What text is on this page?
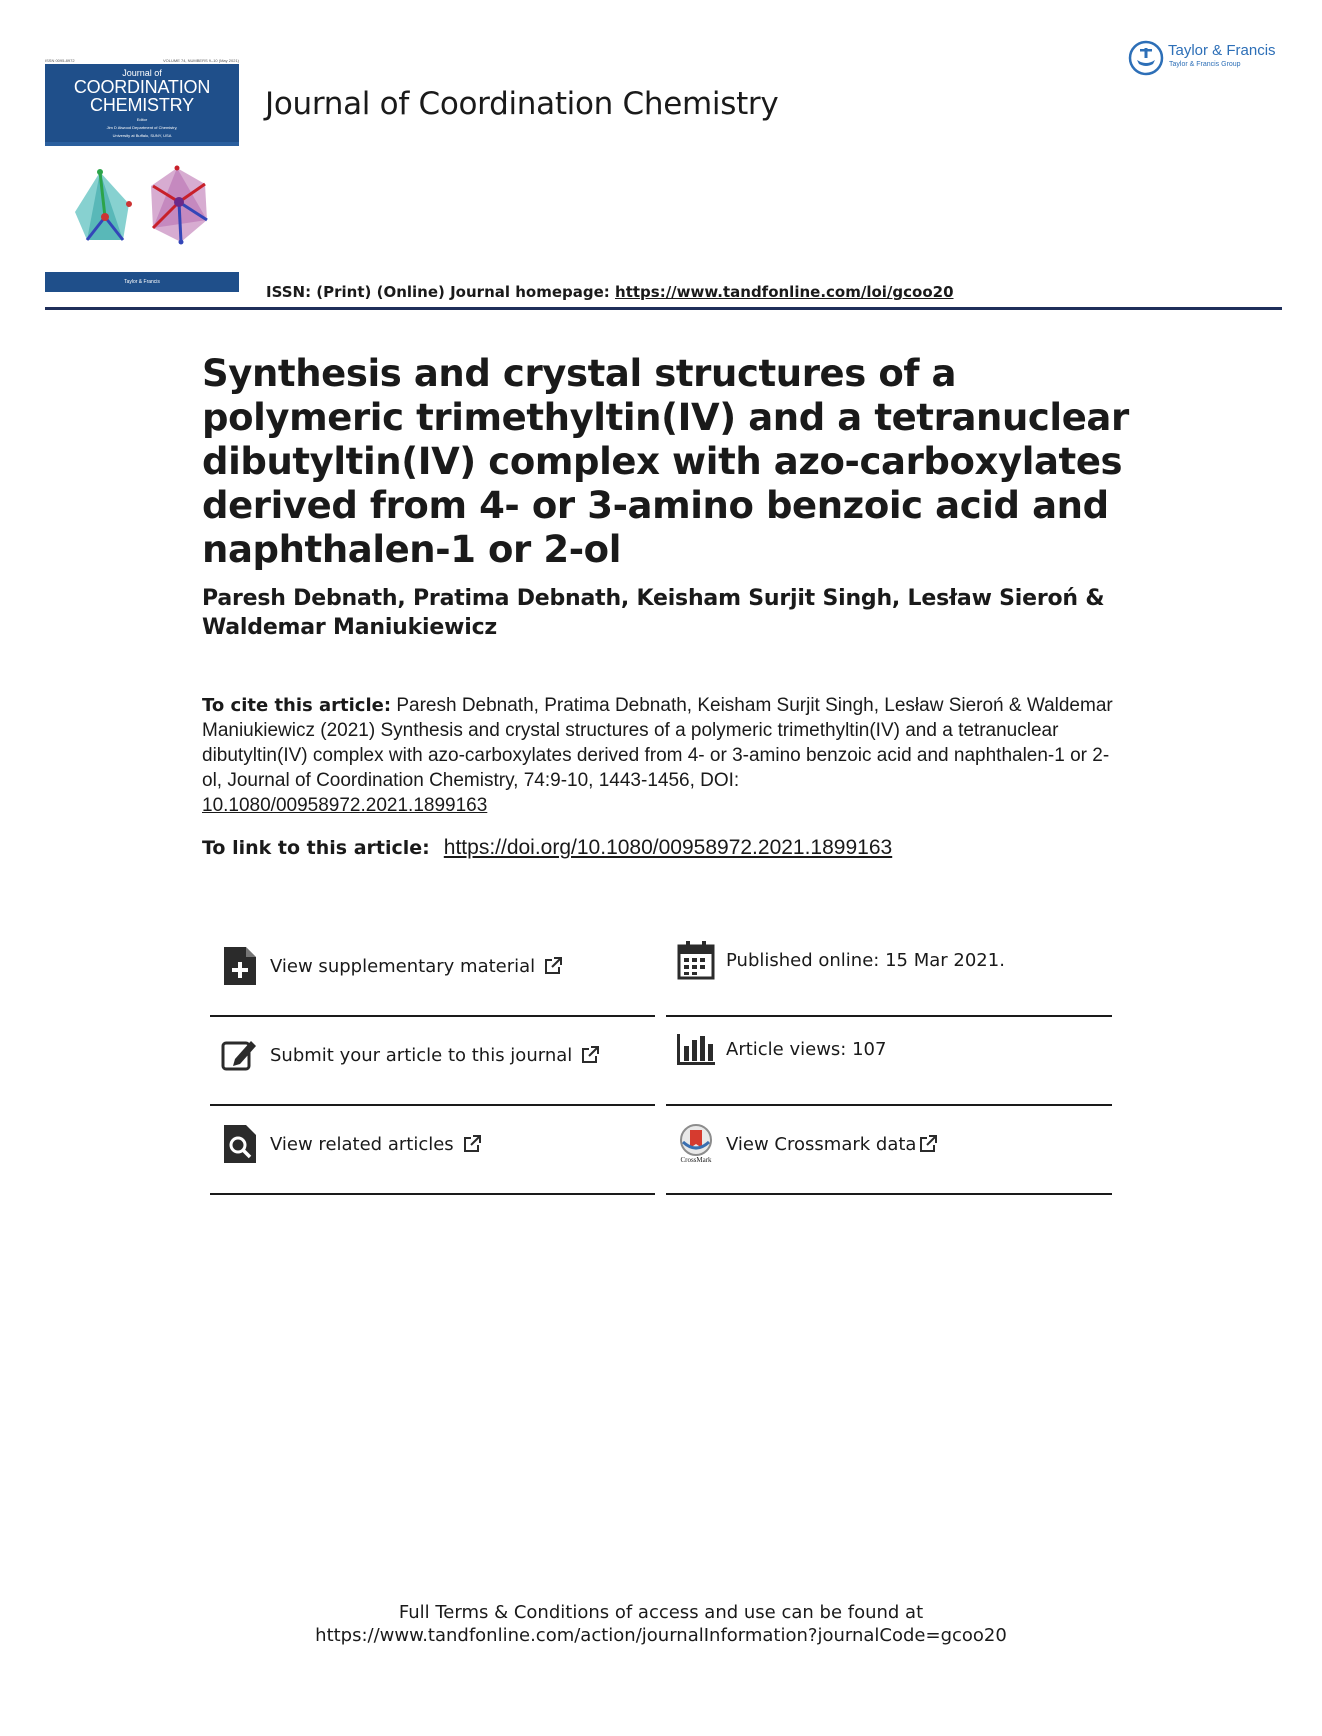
ISSN 0095-8972	VOLUME 74, NUMBERS 9–10 (May 2021)
Journal of
COORDINATION
CHEMISTRY
Editor
Jim D Atwood Department of Chemistry,
University at Buffalo, SUNY, USA
Taylor & Francis
Journal of Coordination Chemistry
Taylor & Francis
Taylor & Francis Group
ISSN: (Print) (Online) Journal homepage: https://www.tandfonline.com/loi/gcoo20
Synthesis and crystal structures of a polymeric trimethyltin(IV) and a tetranuclear dibutyltin(IV) complex with azo-carboxylates derived from 4- or 3-amino benzoic acid and naphthalen-1 or 2-ol
Paresh Debnath, Pratima Debnath, Keisham Surjit Singh, Lesław Sieroń & Waldemar Maniukiewicz
To cite this article: Paresh Debnath, Pratima Debnath, Keisham Surjit Singh, Lesław Sieroń & Waldemar Maniukiewicz (2021) Synthesis and crystal structures of a polymeric trimethyltin(IV) and a tetranuclear dibutyltin(IV) complex with azo-carboxylates derived from 4- or 3-amino benzoic acid and naphthalen-1 or 2-ol, Journal of Coordination Chemistry, 74:9-10, 1443-1456, DOI:
10.1080/00958972.2021.1899163
To link to this article: https://doi.org/10.1080/00958972.2021.1899163
View supplementary material
Submit your article to this journal
View related articles
Published online: 15 Mar 2021.
Article views: 107
CrossMark
View Crossmark data
Full Terms & Conditions of access and use can be found at
https://www.tandfonline.com/action/journalInformation?journalCode=gcoo20
